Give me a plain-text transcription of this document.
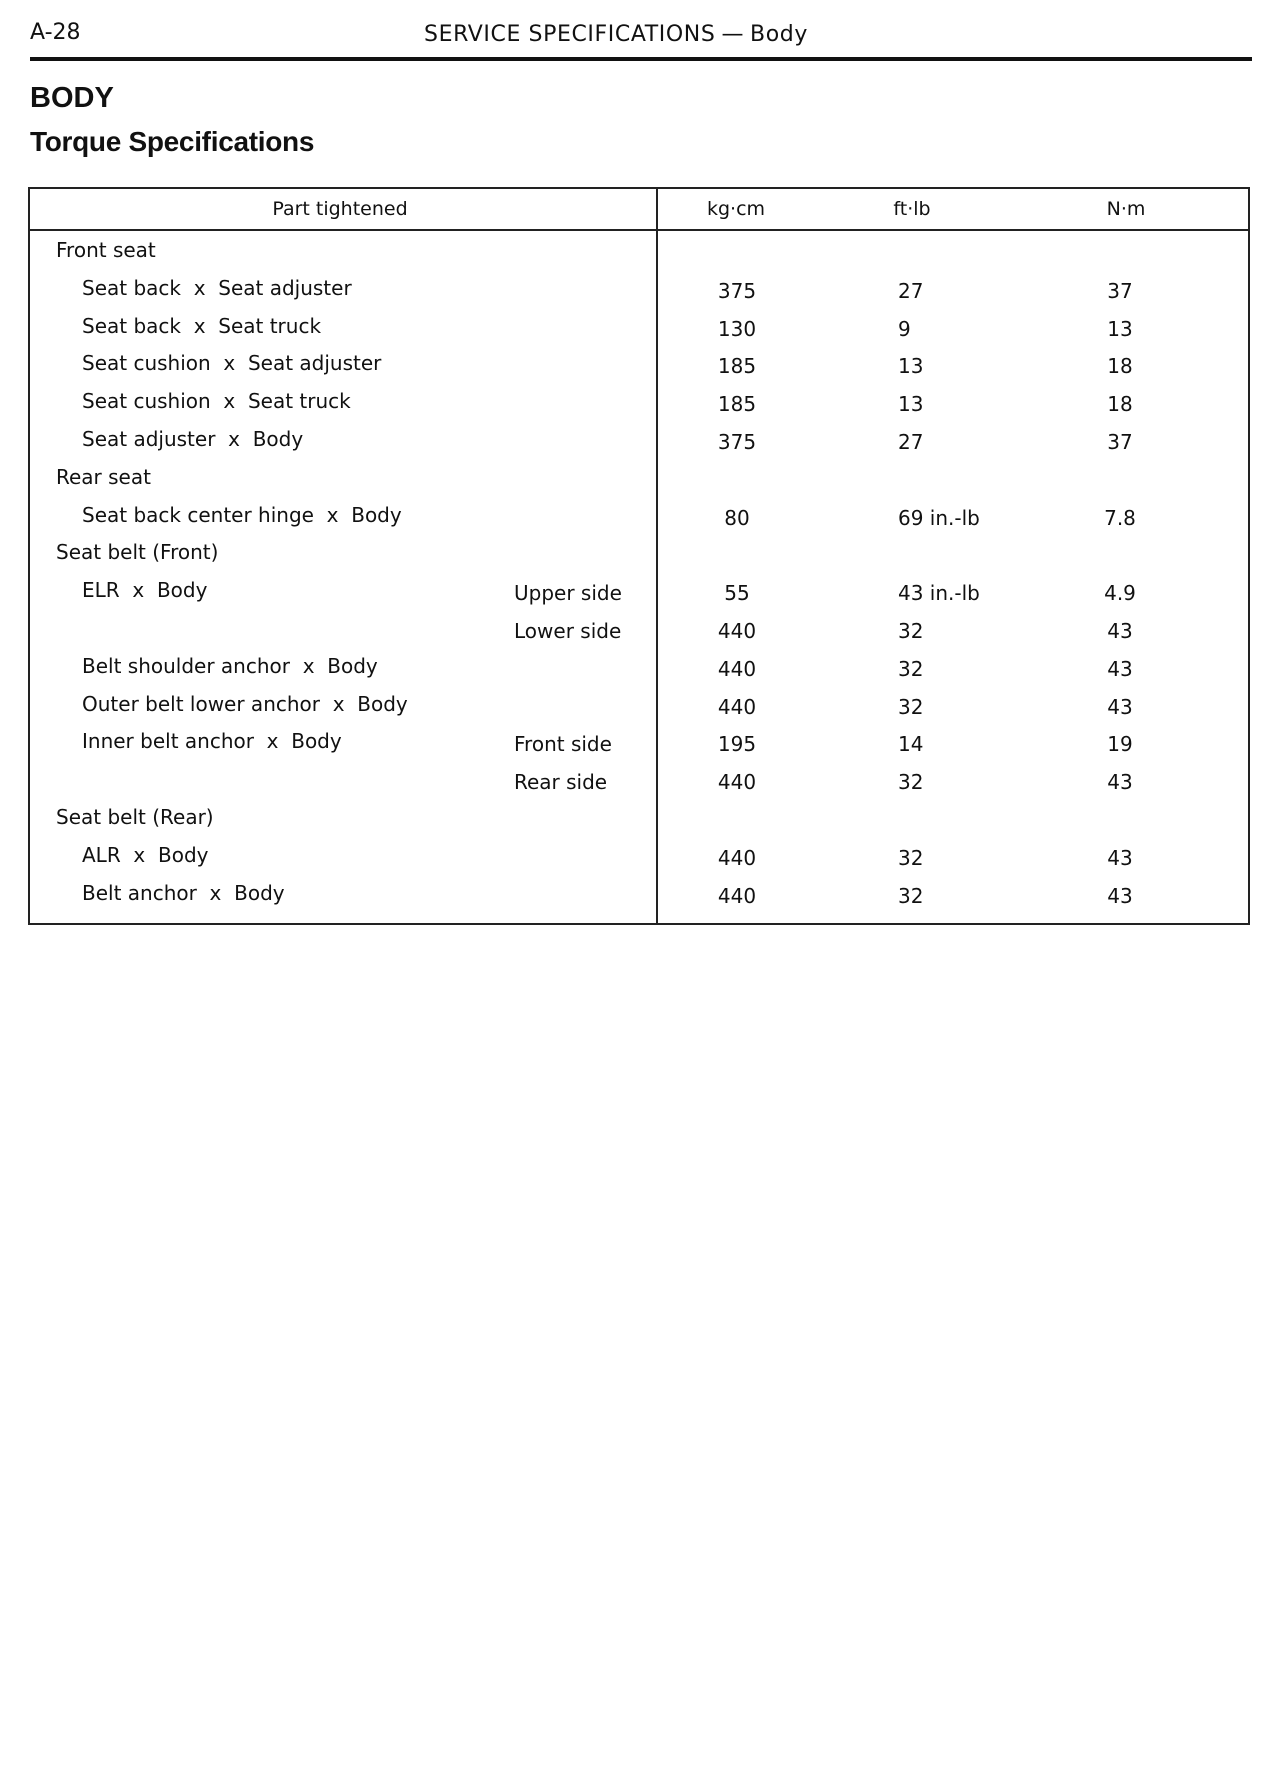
A-28	SERVICE SPECIFICATIONS — Body
BODY
Torque Specifications
Part tightened	kg·cm	ft·lb	N·m
Front seat
Seat back  x  Seat adjuster	375	27	37
Seat back  x  Seat truck	130	9	13
Seat cushion  x  Seat adjuster	185	13	18
Seat cushion  x  Seat truck	185	13	18
Seat adjuster  x  Body	375	27	37
Rear seat
Seat back center hinge  x  Body	80	69 in.-lb	7.8
Seat belt (Front)
ELR  x  Body	Upper side	55	43 in.-lb	4.9
Lower side	440	32	43
Belt shoulder anchor  x  Body	440	32	43
Outer belt lower anchor  x  Body	440	32	43
Inner belt anchor  x  Body	Front side	195	14	19
Rear side	440	32	43
Seat belt (Rear)
ALR  x  Body	440	32	43
Belt anchor  x  Body	440	32	43
